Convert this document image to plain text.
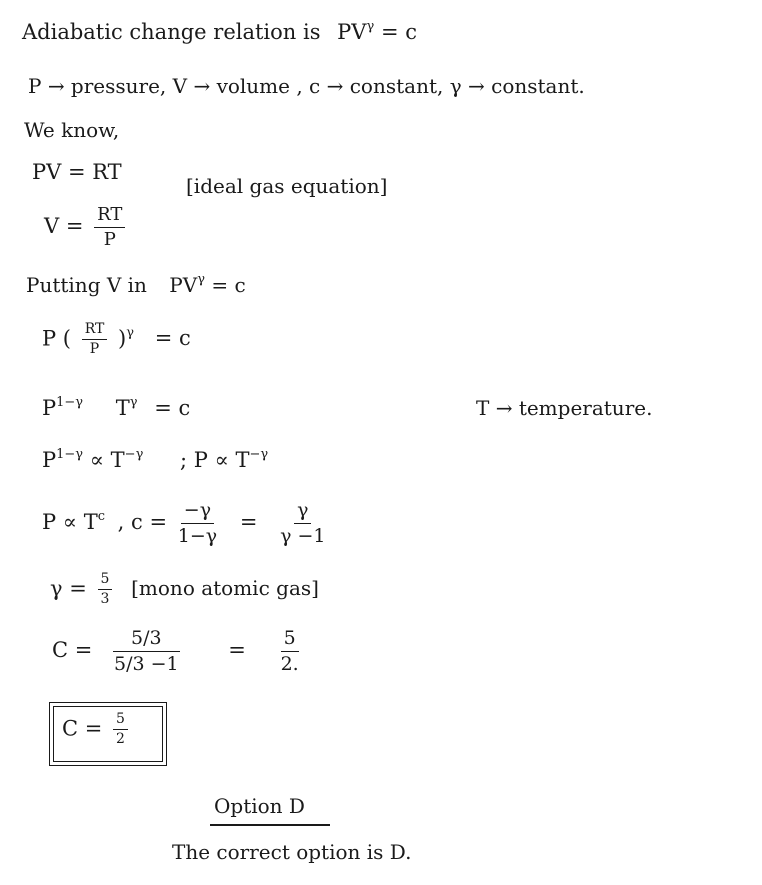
Adiabatic change relation is $PV^\gamma = c$
P → pressure, V → volume , c → constant, γ → constant.
We know,
PV = RT
[ideal gas equation]
$V = \frac{RT}{P}$
Putting V in $PV^\gamma = c$
P ( $\frac{RT}{P} )^\gamma = c$
$P^{1-\gamma}$ $T^\gamma = c$	T → temperature.
$P^{1-\gamma} \propto T^{-\gamma}$ ; $P \propto T^{-\gamma}$
$P \propto T^c$ , $c = \frac{-\gamma}{1-\gamma} = \frac{\gamma}{\gamma -1}$
$\gamma = \frac{5}{3}$ [mono atomic gas]
$C = \frac{5/3}{5/3 -1} = \frac{5}{2.}$
$C = \frac{5}{2}$
Option D
The correct option is D.
